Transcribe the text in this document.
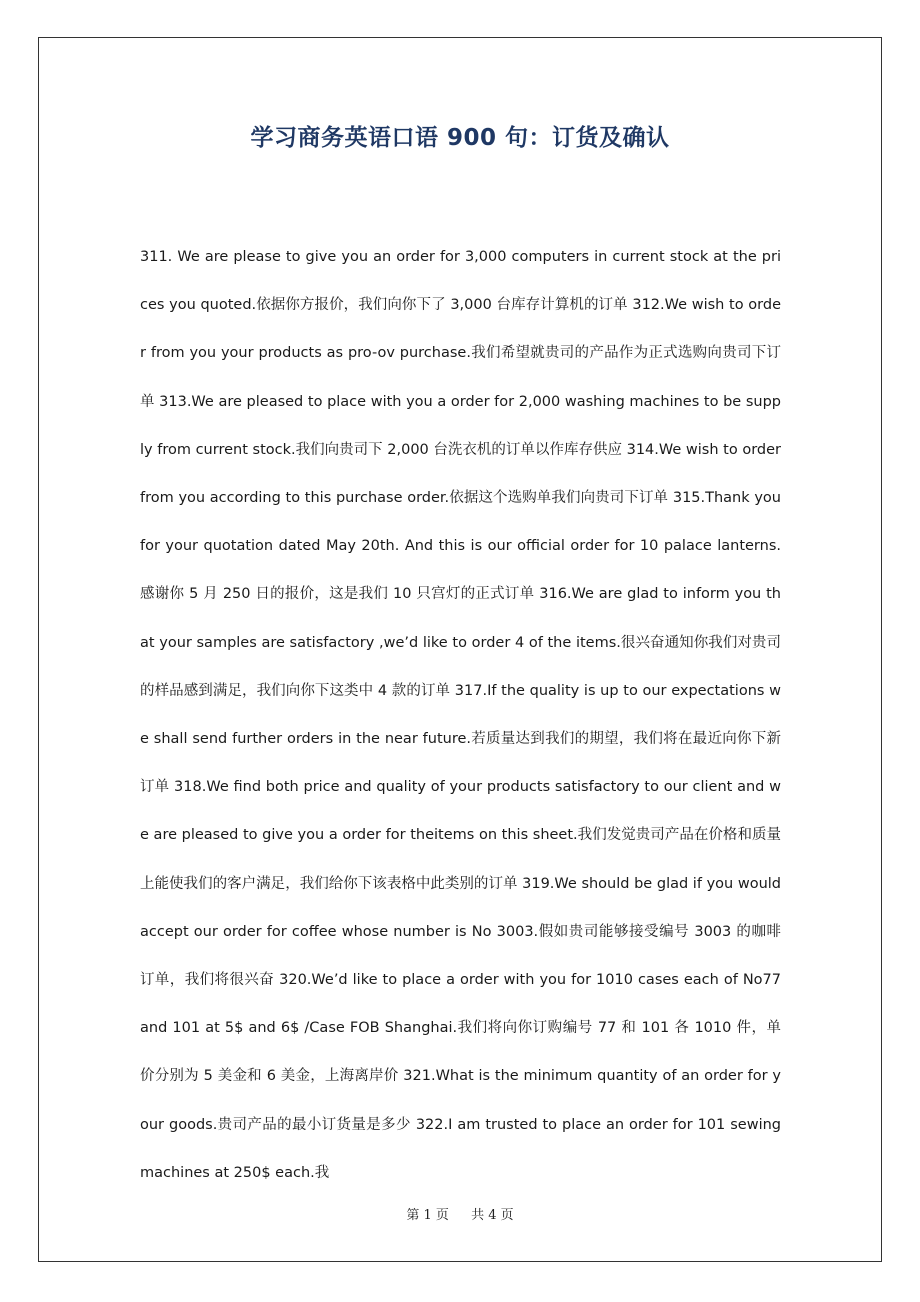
学习商务英语口语 900 句：订货及确认

311. We are please to give you an order for 3,000 computers in current stock at the prices you quoted.依据你方报价，我们向你下了 3,000 台库存计算机的订单 312.We wish to order from you your products as pro-ov purchase.我们希望就贵司的产品作为正式选购向贵司下订单 313.We are pleased to place with you a order for 2,000 washing machines to be supply from current stock.我们向贵司下 2,000 台洗衣机的订单以作库存供应 314.We wish to order from you according to this purchase order.依据这个选购单我们向贵司下订单 315.Thank you for your quotation dated May 20th. And this is our official order for 10 palace lanterns.感谢你 5 月 250 日的报价，这是我们 10 只宫灯的正式订单 316.We are glad to inform you that your samples are satisfactory ,we’d like to order 4 of the items.很兴奋通知你我们对贵司的样品感到满足，我们向你下这类中 4 款的订单 317.If the quality is up to our expectations we shall send further orders in the near future.若质量达到我们的期望，我们将在最近向你下新订单 318.We find both price and quality of your products satisfactory to our client and we are pleased to give you a order for theitems on this sheet.我们发觉贵司产品在价格和质量上能使我们的客户满足，我们给你下该表格中此类别的订单 319.We should be glad if you would accept our order for coffee whose number is No 3003.假如贵司能够接受编号 3003 的咖啡订单，我们将很兴奋 320.We’d like to place a order with you for 1010 cases each of No77 and 101 at 5$ and 6$ /Case FOB Shanghai.我们将向你订购编号 77 和 101 各 1010 件，单价分别为 5 美金和 6 美金，上海离岸价 321.What is the minimum quantity of an order for your goods.贵司产品的最小订货量是多少 322.I am trusted to place an order for 101 sewing machines at 250$ each.我

第 1 页 共 4 页
